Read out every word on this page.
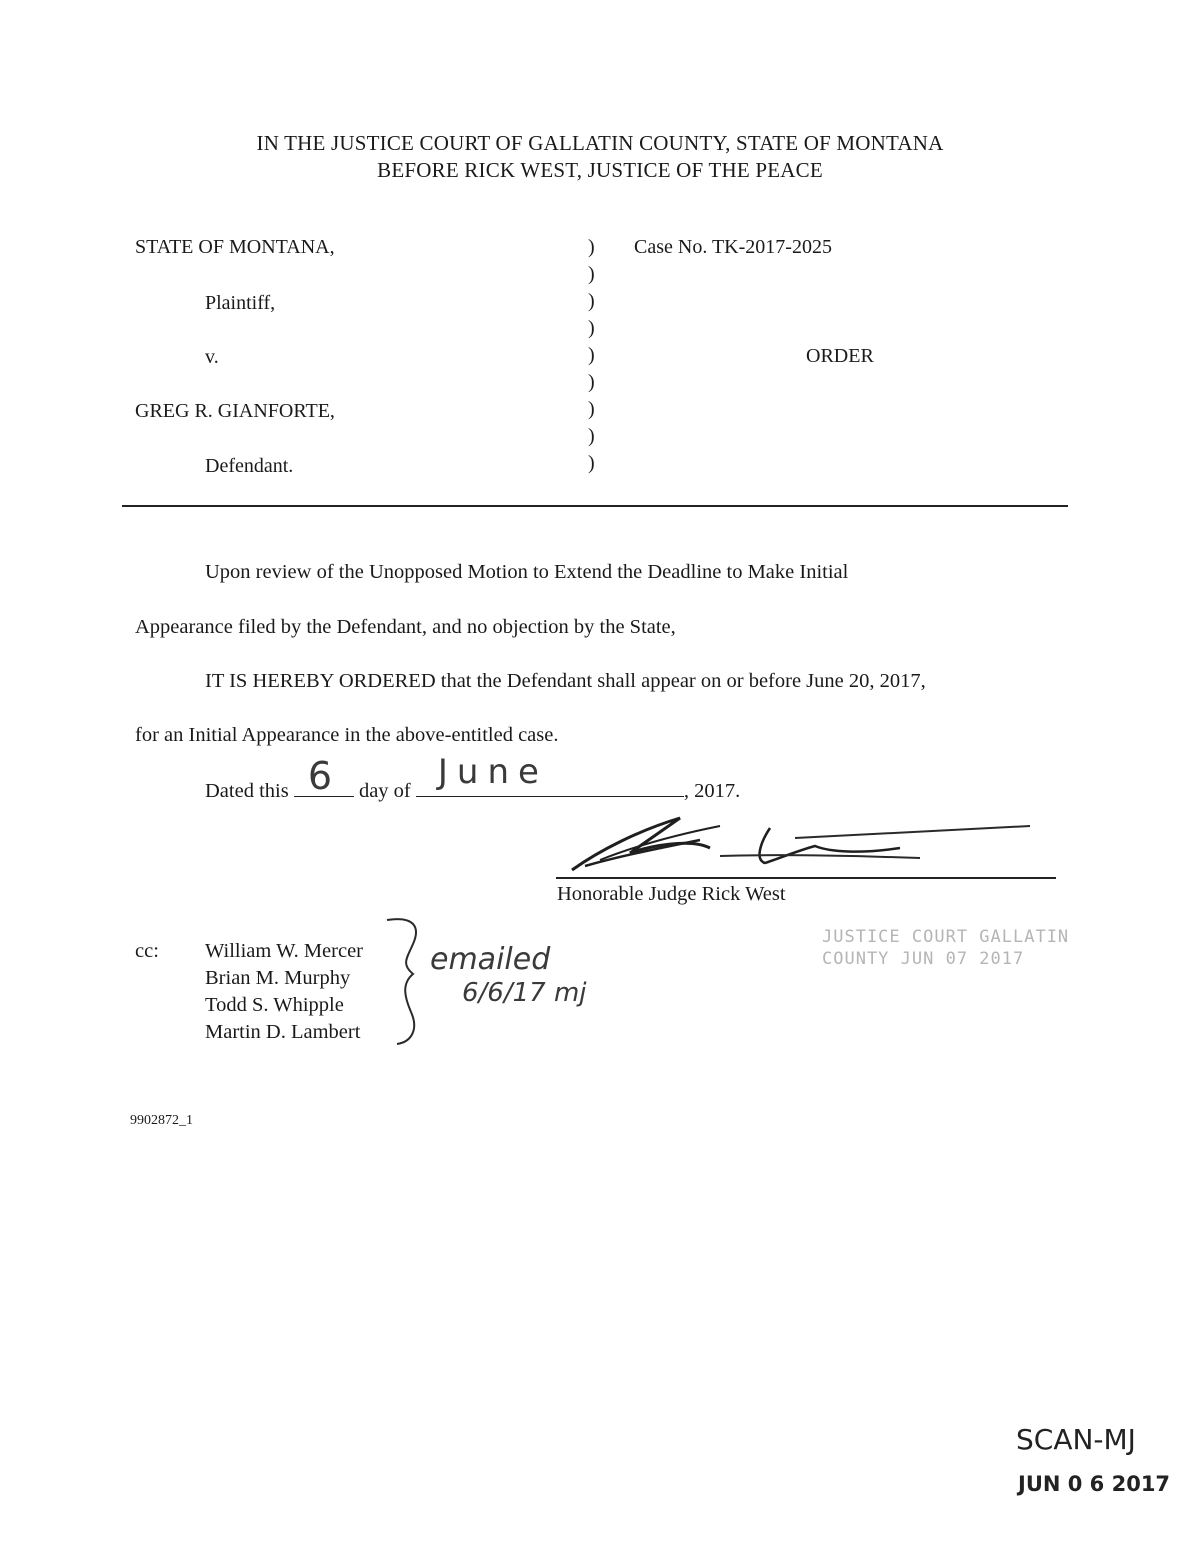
IN THE JUSTICE COURT OF GALLATIN COUNTY, STATE OF MONTANA
BEFORE RICK WEST, JUSTICE OF THE PEACE
STATE OF MONTANA,
Plaintiff,
v.
GREG R. GIANFORTE,
Defendant.
)
)
)
)
)
)
)
)
)
Case No. TK-2017-2025
ORDER
Upon review of the Unopposed Motion to Extend the Deadline to Make Initial
Appearance filed by the Defendant, and no objection by the State,
IT IS HEREBY ORDERED that the Defendant shall appear on or before June 20, 2017,
for an Initial Appearance in the above-entitled case.
Dated this 6 day of June	, 2017.
Honorable Judge Rick West
cc: William W. Mercer
Brian M. Murphy
Todd S. Whipple
Martin D. Lambert
emailed
6/6/17 mj
JUSTICE COURT GALLATIN
COUNTY JUN 07 2017
9902872_1
SCAN-MJ
JUN 0 6 2017
